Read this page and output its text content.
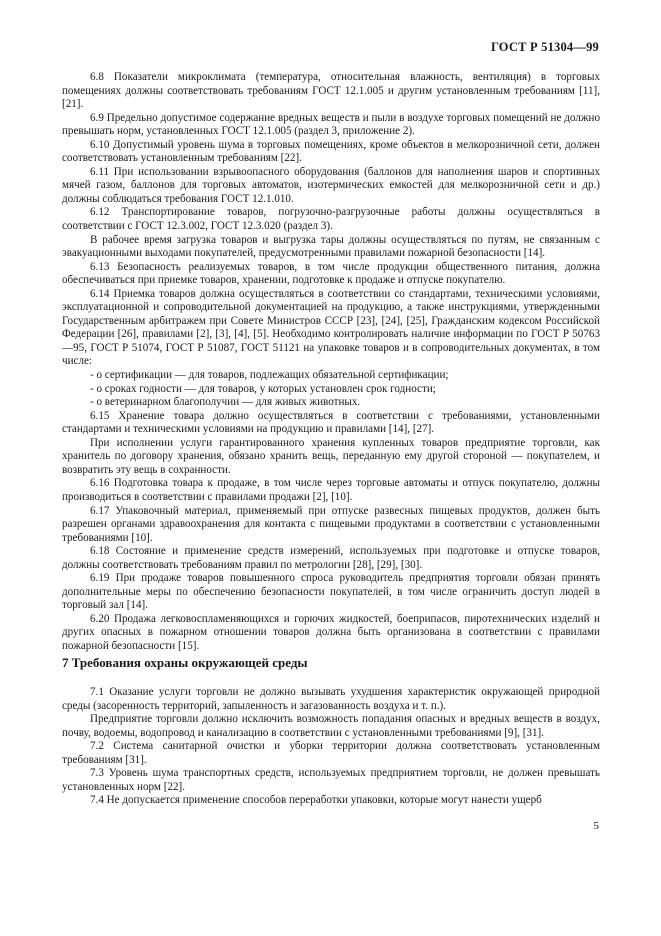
ГОСТ Р 51304—99

6.8 Показатели микроклимата (температура, относительная влажность, вентиляция) в торговых помещениях должны соответствовать требованиям ГОСТ 12.1.005 и другим установленным требованиям [11], [21].

6.9 Предельно допустимое содержание вредных веществ и пыли в воздухе торговых помещений не должно превышать норм, установленных ГОСТ 12.1.005 (раздел 3, приложение 2).

6.10 Допустимый уровень шума в торговых помещениях, кроме объектов в мелкорозничной сети, должен соответствовать установленным требованиям [22].

6.11 При использовании взрывоопасного оборудования (баллонов для наполнения шаров и спортивных мячей газом, баллонов для торговых автоматов, изотермических емкостей для мелкорозничной сети и др.) должны соблюдаться требования ГОСТ 12.1.010.

6.12 Транспортирование товаров, погрузочно-разгрузочные работы должны осуществляться в соответствии с ГОСТ 12.3.002, ГОСТ 12.3.020 (раздел 3).

В рабочее время загрузка товаров и выгрузка тары должны осуществляться по путям, не связанным с эвакуационными выходами покупателей, предусмотренными правилами пожарной безопасности [14].

6.13 Безопасность реализуемых товаров, в том числе продукции общественного питания, должна обеспечиваться при приемке товаров, хранении, подготовке к продаже и отпуске покупателю.

6.14 Приемка товаров должна осуществляться в соответствии со стандартами, техническими условиями, эксплуатационной и сопроводительной документацией на продукцию, а также инструкциями, утвержденными Государственным арбитражем при Совете Министров СССР [23], [24], [25], Гражданским кодексом Российской Федерации [26], правилами [2], [3], [4], [5]. Необходимо контролировать наличие информации по ГОСТ Р 50763—95, ГОСТ Р 51074, ГОСТ Р 51087, ГОСТ 51121 на упаковке товаров и в сопроводительных документах, в том числе:

- о сертификации — для товаров, подлежащих обязательной сертификации;

- о сроках годности — для товаров, у которых установлен срок годности;

- о ветеринарном благополучии — для живых животных.

6.15 Хранение товара должно осуществляться в соответствии с требованиями, установленными стандартами и техническими условиями на продукцию и правилами [14], [27].

При исполнении услуги гарантированного хранения купленных товаров предприятие торговли, как хранитель по договору хранения, обязано хранить вещь, переданную ему другой стороной — покупателем, и возвратить эту вещь в сохранности.

6.16 Подготовка товара к продаже, в том числе через торговые автоматы и отпуск покупателю, должны производиться в соответствии с правилами продажи [2], [10].

6.17 Упаковочный материал, применяемый при отпуске развесных пищевых продуктов, должен быть разрешен органами здравоохранения для контакта с пищевыми продуктами в соответствии с установленными требованиями [10].

6.18 Состояние и применение средств измерений, используемых при подготовке и отпуске товаров, должны соответствовать требованиям правил по метрологии [28], [29], [30].

6.19 При продаже товаров повышенного спроса руководитель предприятия торговли обязан принять дополнительные меры по обеспечению безопасности покупателей, в том числе ограничить доступ людей в торговый зал [14].

6.20 Продажа легковоспламеняющихся и горючих жидкостей, боеприпасов, пиротехнических изделий и других опасных в пожарном отношении товаров должна быть организована в соответствии с правилами пожарной безопасности [15].

7 Требования охраны окружающей среды

7.1 Оказание услуги торговли не должно вызывать ухудшения характеристик окружающей природной среды (засоренность территорий, запыленность и загазованность воздуха и т. п.).

Предприятие торговли должно исключить возможность попадания опасных и вредных веществ в воздух, почву, водоемы, водопровод и канализацию в соответствии с установленными требованиями [9], [31].

7.2 Система санитарной очистки и уборки территории должна соответствовать установленным требованиям [31].

7.3 Уровень шума транспортных средств, используемых предприятием торговли, не должен превышать установленных норм [22].

7.4 Не допускается применение способов переработки упаковки, которые могут нанести ущерб

5
